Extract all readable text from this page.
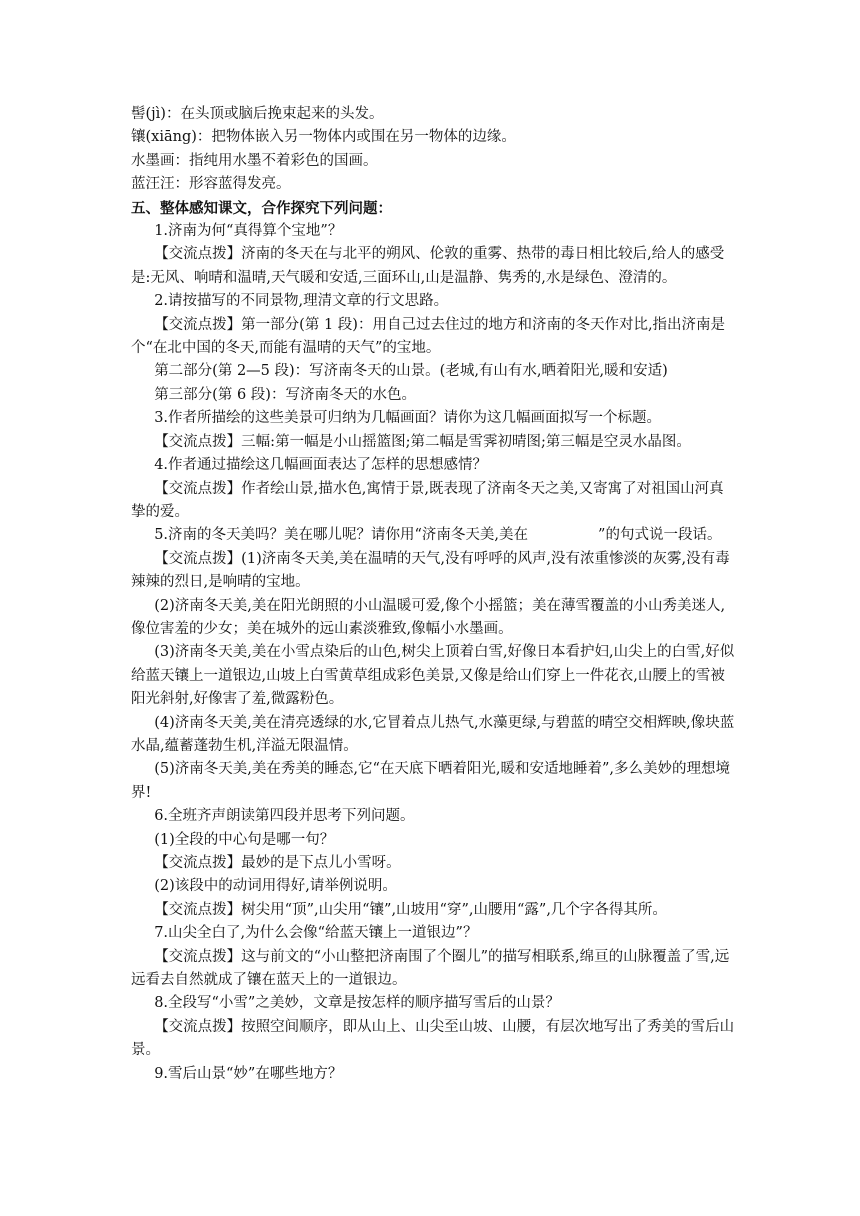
髻(jì)：在头顶或脑后挽束起来的头发。

镶(xiāng)：把物体嵌入另一物体内或围在另一物体的边缘。

水墨画：指纯用水墨不着彩色的国画。

蓝汪汪：形容蓝得发亮。

五、整体感知课文，合作探究下列问题：

1.济南为何“真得算个宝地”？

【交流点拨】济南的冬天在与北平的朔风、伦敦的重雾、热带的毒日相比较后,给人的感受是:无风、响晴和温晴,天气暖和安适,三面环山,山是温静、隽秀的,水是绿色、澄清的。

2.请按描写的不同景物,理清文章的行文思路。

【交流点拨】第一部分(第 1 段)：用自己过去住过的地方和济南的冬天作对比,指出济南是个“在北中国的冬天,而能有温晴的天气”的宝地。

第二部分(第 2—5 段)：写济南冬天的山景。(老城,有山有水,晒着阳光,暖和安适)

第三部分(第 6 段)：写济南冬天的水色。

3.作者所描绘的这些美景可归纳为几幅画面？请你为这几幅画面拟写一个标题。

【交流点拨】三幅:第一幅是小山摇篮图;第二幅是雪霁初晴图;第三幅是空灵水晶图。

4.作者通过描绘这几幅画面表达了怎样的思想感情？

【交流点拨】作者绘山景,描水色,寓情于景,既表现了济南冬天之美,又寄寓了对祖国山河真挚的爱。

5.济南的冬天美吗？美在哪儿呢？请你用“济南冬天美,美在	”的句式说一段话。

【交流点拨】(1)济南冬天美,美在温晴的天气,没有呼呼的风声,没有浓重惨淡的灰雾,没有毒辣辣的烈日,是响晴的宝地。

(2)济南冬天美,美在阳光朗照的小山温暖可爱,像个小摇篮；美在薄雪覆盖的小山秀美迷人,像位害羞的少女；美在城外的远山素淡雅致,像幅小水墨画。

(3)济南冬天美,美在小雪点染后的山色,树尖上顶着白雪,好像日本看护妇,山尖上的白雪,好似给蓝天镶上一道银边,山坡上白雪黄草组成彩色美景,又像是给山们穿上一件花衣,山腰上的雪被阳光斜射,好像害了羞,微露粉色。

(4)济南冬天美,美在清亮透绿的水,它冒着点儿热气,水藻更绿,与碧蓝的晴空交相辉映,像块蓝水晶,蕴蓄蓬勃生机,洋溢无限温情。

(5)济南冬天美,美在秀美的睡态,它“在天底下晒着阳光,暖和安适地睡着”,多么美妙的理想境界!

6.全班齐声朗读第四段并思考下列问题。

(1)全段的中心句是哪一句？

【交流点拨】最妙的是下点儿小雪呀。

(2)该段中的动词用得好,请举例说明。

【交流点拨】树尖用“顶”,山尖用“镶”,山坡用“穿”,山腰用“露”,几个字各得其所。

7.山尖全白了,为什么会像“给蓝天镶上一道银边”？

【交流点拨】这与前文的“小山整把济南围了个圈儿”的描写相联系,绵亘的山脉覆盖了雪,远远看去自然就成了镶在蓝天上的一道银边。

8.全段写“小雪”之美妙，文章是按怎样的顺序描写雪后的山景？

【交流点拨】按照空间顺序，即从山上、山尖至山坡、山腰，有层次地写出了秀美的雪后山景。

9.雪后山景“妙”在哪些地方？
